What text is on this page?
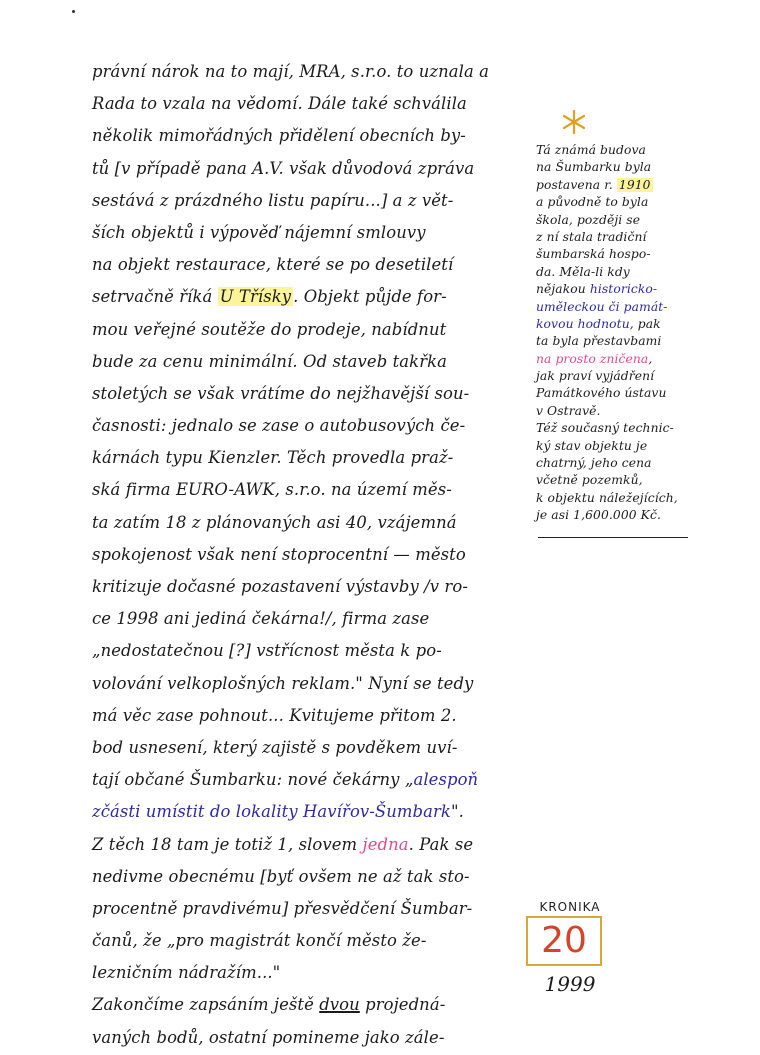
právní nárok na to mají, MRA, s.r.o. to uznala a
Rada to vzala na vědomí. Dále také schválila
několik mimořádných přidělení obecních by-
tů [v případě pana A.V. však důvodová zpráva
sestává z prázdného listu papíru...] a z vět-
ších objektů i výpověď nájemní smlouvy
na objekt restaurace, které se po desetiletí
setrvačně říká U Třísky . Objekt půjde for-
mou veřejné soutěže do prodeje, nabídnut
bude za cenu minimální. Od staveb takřka
stoletých se však vrátíme do nejžhavější sou-
časnosti: jednalo se zase o autobusových če-
kárnách typu Kienzler. Těch provedla praž-
ská firma EURO-AWK, s.r.o. na území měs-
ta zatím 18 z plánovaných asi 40, vzájemná
spokojenost však není stoprocentní — město
kritizuje dočasné pozastavení výstavby /v ro-
ce 1998 ani jediná čekárna!/, firma zase
„nedostatečnou [?] vstřícnost města k po-
volování velkoplošných reklam." Nyní se tedy
má věc zase pohnout... Kvitujeme přitom 2.
bod usnesení, který zajistě s povděkem uví-
tají občané Šumbarku: nové čekárny „alespoň
zčásti umístit do lokality Havířov-Šumbark".
Z těch 18 tam je totiž 1, slovem jedna. Pak se
nedivme obecnému [byť ovšem ne až tak sto-
procentně pravdivému] přesvědčení Šumbar-
čanů, že „pro magistrát končí město že-
lezničním nádražím..."
Zakončíme zapsáním ještě dvou projedná-
vaných bodů, ostatní pomineme jako zále-
Tá známá budova
na Šumbarku byla
postavena r. 1910
a původně to byla
škola, později se
z ní stala tradiční
šumbarská hospo-
da. Měla-li kdy
nějakou historicko-
uměleckou či památ-
kovou hodnotu, pak
ta byla přestavbami
na prosto zničena,
jak praví vyjádření
Památkového ústavu
v Ostravě.
Též současný technic-
ký stav objektu je
chatrný, jeho cena
včetně pozemků,
k objektu náležejících,
je asi 1,600.000 Kč.
KRONIKA
20
1999
